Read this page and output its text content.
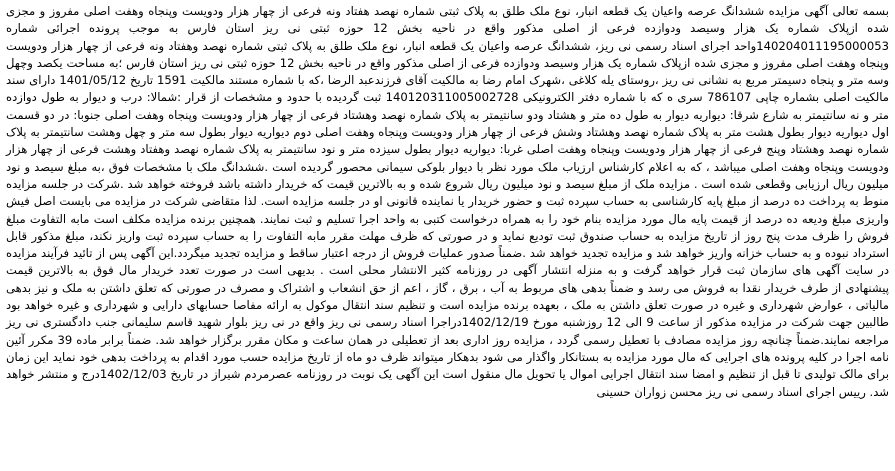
بسمه تعالی آگهی مزایده ششدانگ عرصه واعیان یک قطعه انبار، نوع ملک طلق به پلاک ثبتی شماره نهصد هفتاد ونه فرعی از چهار هزار ودویست وپنجاه وهفت اصلی مفروز و مجزی شده ازپلاک شماره یک هزار وسیصد ودوازده فرعی از اصلی مذکور واقع در ناحیه بخش 12 حوزه ثبتی نی ریز استان فارس به موجب پرونده اجرائی شماره 140204011195000053واحد اجرای اسناد رسمی نی ریز، ششدانگ عرصه واعیان یک قطعه انبار، نوع ملک طلق به پلاک ثبتی شماره نهصد وهفتاد ونه فرعی از چهار هزار ودویست وپنجاه وهفت اصلی مفروز و مجزی شده ازپلاک شماره یک هزار وسیصد ودوازده فرعی از اصلی مذکور واقع در ناحیه بخش 12 حوزه ثبتی نی ریز استان فارس ؛به مساحت یکصد وچهل وسه متر و پنجاه دسیمتر مربع به نشانی نی ریز ،روستای یله کلاغی ،شهرک امام رضا به مالکیت آقای فرزندعبد الرضا ،که با شماره مستند مالکیت 1591 تاریخ 1401/05/12 دارای سند مالکیت اصلی بشماره چاپی 786107 سری ه که با شماره دفتر الکترونیکی 140120311005002728 ثبت گردیده با حدود و مشخصات از قرار :شمالا: درب و دیوار به طول دوازده متر و نه سانتیمتر به شارع شرقا: دیواریه دیوار به طول ده متر و هشتاد ودو سانتیمتر به پلاک شماره نهصد وهشتاد فرعی از چهار هزار ودویست وپنجاه وهفت اصلی جنوبا: در دو قسمت اول دیواریه دیوار بطول هشت متر به پلاک شماره نهصد وهشتاد وشش فرعی از چهار هزار ودویست وپنجاه وهفت اصلی دوم دیواریه دیوار بطول سه متر و چهل وهشت سانتیمتر به پلاک شماره نهصد وهشتاد وپنج فرعی از چهار هزار ودویست وپنجاه وهفت اصلی غربا: دیواریه دیوار بطول سیزده متر و نود سانتیمتر به پلاک شماره نهصد وهفتاد وهشت فرعی از چهار هزار ودویست وپنجاه وهفت اصلی میباشد ، که به اعلام کارشناس ارزیاب ملک مورد نظر با دیوار بلوکی سیمانی محصور گردیده است .ششدانگ ملک با مشخصات فوق ،به مبلغ سیصد و نود میلیون ریال ارزیابی وقطعی شده است . مزایده ملک از مبلغ سیصد و نود میلیون ریال شروع شده و به بالاترین قیمت که خریدار داشته باشد فروخته خواهد شد .شرکت در جلسه مزایده منوط به پرداخت ده درصد از مبلغ پایه کارشناسی به حساب سپرده ثبت و حضور خریدار یا نماینده قانونی او در جلسه مزایده است. لذا متقاضی شرکت در مزایده می بایست اصل فیش واریزی مبلغ ودیعه ده درصد از قیمت پایه مال مورد مزایده بنام خود را به همراه درخواست کتبی به واحد اجرا تسلیم و ثبت نمایند. همچنین برنده مزایده مکلف است مابه التفاوت مبلغ فروش را ظرف مدت پنج روز از تاریخ مزایده به حساب صندوق ثبت تودیع نماید و در صورتی که ظرف مهلت مقرر مابه التفاوت را به حساب سپرده ثبت واریز نکند، مبلغ مذکور قابل استرداد نبوده و به حساب خزانه واریز خواهد شد و مزایده تجدید خواهد شد .ضمناً صدور عملیات فروش از درجه اعتبار ساقط و مزایده تجدید میگردد.این آگهی پس از تائید فرآیند مزایده در سایت آگهی های سازمان ثبت قرار خواهد گرفت و به منزله انتشار آگهی در روزنامه کثیر الانتشار محلی است . بدیهی است در صورت تعدد خریدار مال فوق به بالاترین قیمت پیشنهادی از طرف خریدار نقدا به فروش می رسد و ضمناً بدهی های مربوط به آب ، برق ، گاز ، اعم از حق انشعاب و اشتراک و مصرف در صورتی که تعلق داشتن به ملک و نیز بدهی مالیاتی ، عوارض شهرداری و غیره در صورت تعلق داشتن به ملک ، بعهده برنده مزایده است و تنظیم سند انتقال موکول به ارائه مفاصا حسابهای دارایی و شهرداری و غیره خواهد بود طالبین جهت شرکت در مزایده مذکور از ساعت 9 الی 12 روزشنبه مورخ 1402/12/19دراجرا اسناد رسمی نی ریز واقع در نی ریز بلوار شهید قاسم سلیمانی جنب دادگستری نی ریز مراجعه نمایند.ضمناً چنانچه روز مزایده مصادف با تعطیل رسمی گردد ، مزایده روز اداری بعد از تعطیلی در همان ساعت و مکان مقرر برگزار خواهد شد. ضمناً برابر ماده 39 مکرر آئین نامه اجرا در کلیه پرونده های اجرایی که مال مورد مزایده به بستانکار واگذار می شود بدهکار میتواند ظرف دو ماه از تاریخ مزایده حسب مورد اقدام به پرداخت بدهی خود نماید این زمان برای مالک تولیدی تا قبل از تنظیم و امضا سند انتقال اجرایی اموال یا تحویل مال منقول است این آگهی یک نوبت در روزنامه عصرمردم شیراز در تاریخ 1402/12/03درج و منتشر خواهد شد. رییس اجرای اسناد رسمی نی ریز محسن زواران حسینی
